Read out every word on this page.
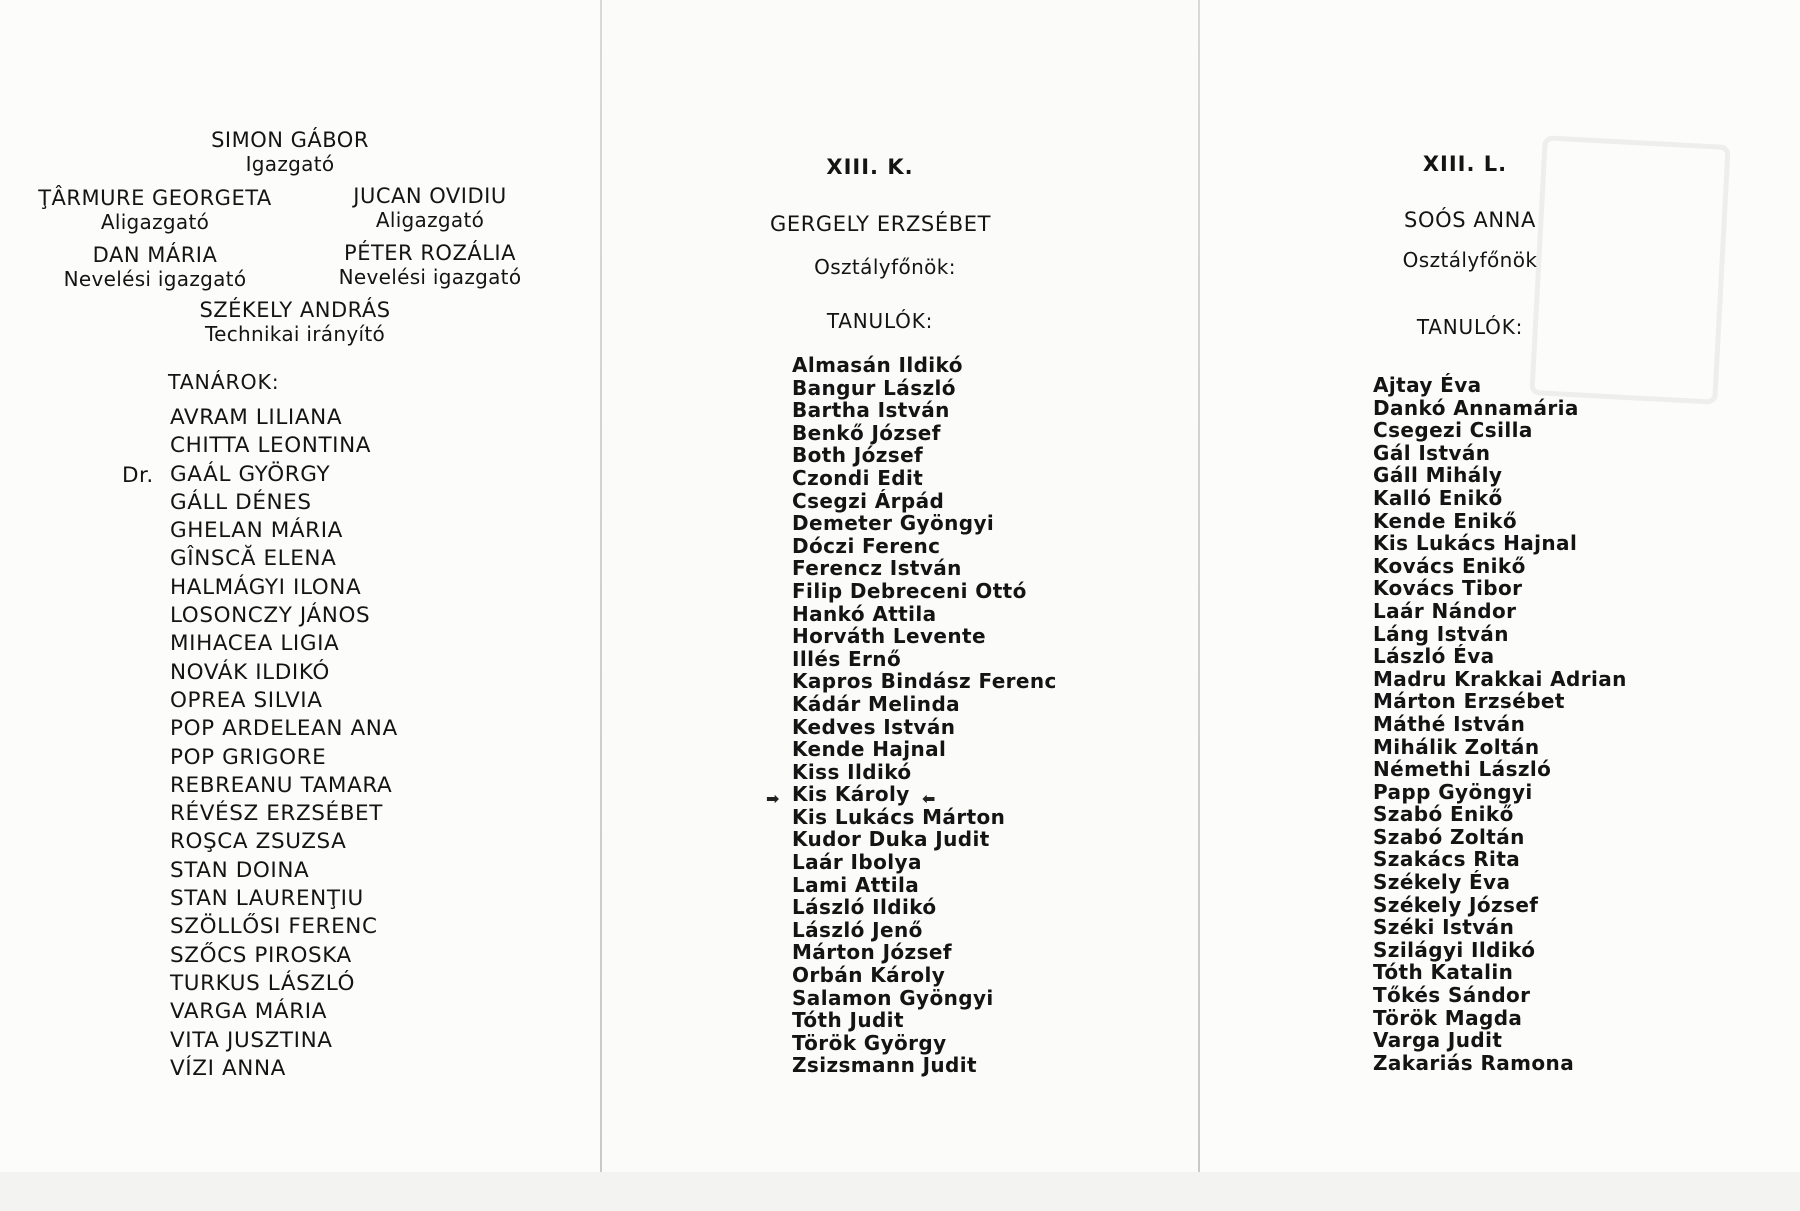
SIMON GÁBOR
Igazgató
ŢÂRMURE GEORGETA
Aligazgató
JUCAN OVIDIU
Aligazgató
DAN MÁRIA
Nevelési igazgató
PÉTER ROZÁLIA
Nevelési igazgató
SZÉKELY ANDRÁS
Technikai irányító
TANÁROK:
Dr.
AVRAM LILIANA
CHITTA LEONTINA
GAÁL GYÖRGY
GÁLL DÉNES
GHELAN MÁRIA
GÎNSCĂ ELENA
HALMÁGYI ILONA
LOSONCZY JÁNOS
MIHACEA LIGIA
NOVÁK ILDIKÓ
OPREA SILVIA
POP ARDELEAN ANA
POP GRIGORE
REBREANU TAMARA
RÉVÉSZ ERZSÉBET
ROŞCA ZSUZSA
STAN DOINA
STAN LAURENŢIU
SZÖLLŐSI FERENC
SZŐCS PIROSKA
TURKUS LÁSZLÓ
VARGA MÁRIA
VITA JUSZTINA
VÍZI ANNA
XIII. K.
GERGELY ERZSÉBET
Osztályfőnök:
TANULÓK:
➡	⬅
Almasán Ildikó
Bangur László
Bartha István
Benkő József
Both József
Czondi Edit
Csegzi Árpád
Demeter Gyöngyi
Dóczi Ferenc
Ferencz István
Filip Debreceni Ottó
Hankó Attila
Horváth Levente
Illés Ernő
Kapros Bindász Ferenc
Kádár Melinda
Kedves István
Kende Hajnal
Kiss Ildikó
Kis Károly
Kis Lukács Márton
Kudor Duka Judit
Laár Ibolya
Lami Attila
László Ildikó
László Jenő
Márton József
Orbán Károly
Salamon Gyöngyi
Tóth Judit
Török György
Zsizsmann Judit
XIII. L.
SOÓS ANNA
Osztályfőnök
TANULÓK:
Ajtay Éva
Dankó Annamária
Csegezi Csilla
Gál István
Gáll Mihály
Kalló Enikő
Kende Enikő
Kis Lukács Hajnal
Kovács Enikő
Kovács Tibor
Laár Nándor
Láng István
László Éva
Madru Krakkai Adrian
Márton Erzsébet
Máthé István
Mihálik Zoltán
Némethi László
Papp Gyöngyi
Szabó Enikő
Szabó Zoltán
Szakács Rita
Székely Éva
Székely József
Széki István
Szilágyi Ildikó
Tóth Katalin
Tőkés Sándor
Török Magda
Varga Judit
Zakariás Ramona
